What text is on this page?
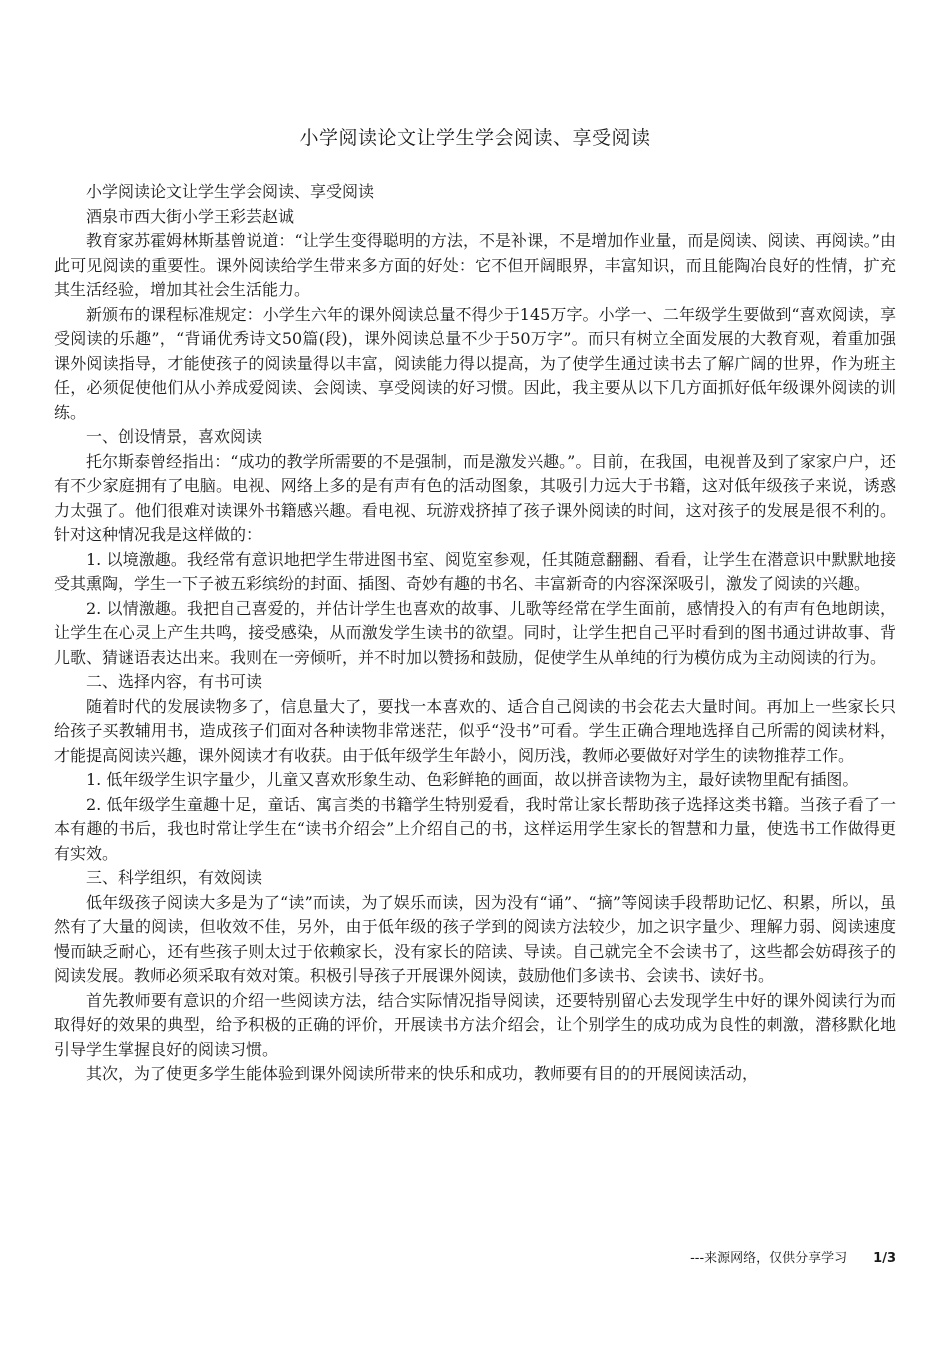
小学阅读论文让学生学会阅读、享受阅读

小学阅读论文让学生学会阅读、享受阅读

酒泉市西大街小学王彩芸赵诚

教育家苏霍姆林斯基曾说道：“让学生变得聪明的方法，不是补课，不是增加作业量，而是阅读、阅读、再阅读。”由此可见阅读的重要性。课外阅读给学生带来多方面的好处：它不但开阔眼界，丰富知识，而且能陶冶良好的性情，扩充其生活经验，增加其社会生活能力。

新颁布的课程标准规定：小学生六年的课外阅读总量不得少于145万字。小学一、二年级学生要做到“喜欢阅读，享受阅读的乐趣”，“背诵优秀诗文50篇(段)，课外阅读总量不少于50万字”。而只有树立全面发展的大教育观，着重加强课外阅读指导，才能使孩子的阅读量得以丰富，阅读能力得以提高，为了使学生通过读书去了解广阔的世界，作为班主任，必须促使他们从小养成爱阅读、会阅读、享受阅读的好习惯。因此，我主要从以下几方面抓好低年级课外阅读的训练。

一、创设情景，喜欢阅读

托尔斯泰曾经指出：“成功的教学所需要的不是强制，而是激发兴趣。”。目前，在我国，电视普及到了家家户户，还有不少家庭拥有了电脑。电视、网络上多的是有声有色的活动图象，其吸引力远大于书籍，这对低年级孩子来说，诱惑力太强了。他们很难对读课外书籍感兴趣。看电视、玩游戏挤掉了孩子课外阅读的时间，这对孩子的发展是很不利的。针对这种情况我是这样做的：

1. 以境激趣。我经常有意识地把学生带进图书室、阅览室参观，任其随意翻翻、看看，让学生在潜意识中默默地接受其熏陶，学生一下子被五彩缤纷的封面、插图、奇妙有趣的书名、丰富新奇的内容深深吸引，激发了阅读的兴趣。

2. 以情激趣。我把自己喜爱的，并估计学生也喜欢的故事、儿歌等经常在学生面前，感情投入的有声有色地朗读，让学生在心灵上产生共鸣，接受感染，从而激发学生读书的欲望。同时，让学生把自己平时看到的图书通过讲故事、背儿歌、猜谜语表达出来。我则在一旁倾听，并不时加以赞扬和鼓励，促使学生从单纯的行为模仿成为主动阅读的行为。

二、选择内容，有书可读

随着时代的发展读物多了，信息量大了，要找一本喜欢的、适合自己阅读的书会花去大量时间。再加上一些家长只给孩子买教辅用书，造成孩子们面对各种读物非常迷茫，似乎“没书”可看。学生正确合理地选择自己所需的阅读材料，才能提高阅读兴趣，课外阅读才有收获。由于低年级学生年龄小，阅历浅，教师必要做好对学生的读物推荐工作。

1. 低年级学生识字量少，儿童又喜欢形象生动、色彩鲜艳的画面，故以拼音读物为主，最好读物里配有插图。

2. 低年级学生童趣十足，童话、寓言类的书籍学生特别爱看，我时常让家长帮助孩子选择这类书籍。当孩子看了一本有趣的书后，我也时常让学生在“读书介绍会”上介绍自己的书，这样运用学生家长的智慧和力量，使选书工作做得更有实效。

三、科学组织，有效阅读

低年级孩子阅读大多是为了“读”而读，为了娱乐而读，因为没有“诵”、“摘”等阅读手段帮助记忆、积累，所以，虽然有了大量的阅读，但收效不佳，另外，由于低年级的孩子学到的阅读方法较少，加之识字量少、理解力弱、阅读速度慢而缺乏耐心，还有些孩子则太过于依赖家长，没有家长的陪读、导读。自己就完全不会读书了，这些都会妨碍孩子的阅读发展。教师必须采取有效对策。积极引导孩子开展课外阅读，鼓励他们多读书、会读书、读好书。

首先教师要有意识的介绍一些阅读方法，结合实际情况指导阅读，还要特别留心去发现学生中好的课外阅读行为而取得好的效果的典型，给予积极的正确的评价，开展读书方法介绍会，让个别学生的成功成为良性的刺激，潜移默化地引导学生掌握良好的阅读习惯。

其次，为了使更多学生能体验到课外阅读所带来的快乐和成功，教师要有目的的开展阅读活动，

---来源网络，仅供分享学习 1/3
